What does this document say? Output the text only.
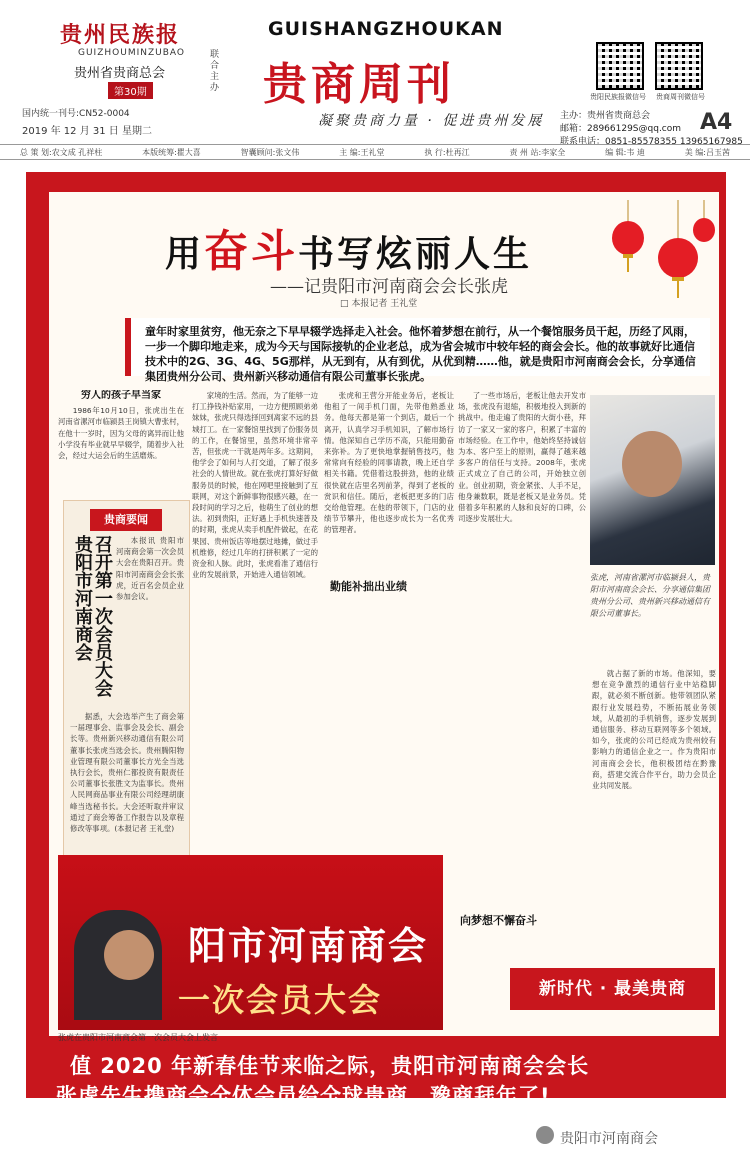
贵州民族报
GUIZHOUMINZUBAO
贵州省贵商总会
第30期
国内统一刊号:CN52-0004
2019 年 12 月 31 日 星期二
联合主办
GUISHANGZHOUKAN
贵商周刊
凝聚贵商力量 · 促进贵州发展
贵阳民族报微信号 贵商周刊微信号
主办：贵州省贵商总会
邮箱：28966129S@qq.com
联系电话：0851-85578355 13965167985
A4
总 策 划:农文成 孔祥柱	本版统筹:瞿大喜	智囊顾问:张文伟	主 编:王礼堂	执 行:杜再江	责 州 站:李家全	编 辑:韦 迪	美 编:吕玉茜
用奋斗书写炫丽人生
——记贵阳市河南商会会长张虎
□ 本报记者 王礼堂
童年时家里贫穷，他无奈之下早早辍学选择走入社会。他怀着梦想在前行，从一个餐馆服务员干起，历经了风雨，一步一个脚印地走来，成为今天与国际接轨的企业老总，成为省会城市中较年轻的商会会长。他的故事就好比通信技术中的2G、3G、4G、5G那样，从无到有，从有到优，从优到精……他，就是贵阳市河南商会会长，分享通信集团贵州分公司、贵州新兴移动通信有限公司董事长张虎。

穷人的孩子早当家

1986年10月10日，张虎出生在河南省漯河市临颍县王岗镇大曹张村，在他十一岁时，因为父母的离异而让他小学没有毕业就早早辍学，随着步入社会，经过大运会后的生活磨炼。

贵商要闻
召开第一次会员大会贵阳市河南商会	本报讯 贵阳市河南商会第一次会员大会在贵阳召开。贵阳市河南商会会长张虎，近百名会员企业参加会议。

据悉，大会选举产生了商会第一届理事会、监事会及会长、副会长等。贵州新兴移动通信有限公司董事长张虎当选会长。贵州腾阳物业管理有限公司董事长方光全当选执行会长，贵州仁都投资有限责任公司董事长张胜文为监事长。贵州人民网商品事业有限公司经理胡康峰当选秘书长。大会还听取并审议通过了商会筹备工作报告以及章程修改等事项。(本报记者 王礼堂)

家境的生活。然而，为了能够一边打工挣钱补贴家用，一边方便照顾弟弟妹妹，张虎只得选择回到离家不远的县城打工。在一家餐馆里找到了份服务员的工作，在餐馆里，虽然环境非常辛苦，但张虎一干就是两年多。这期间，他学会了如何与人打交道，了解了很多社会的人情世故。就在张虎打算好好做服务员的时候，他在网吧里接触到了互联网，对这个新鲜事物很感兴趣，在一段时间的学习之后，他萌生了创业的想法。初到贵阳，正好遇上手机快速普及的时期，张虎从卖手机配件做起，在花果园、贵州饭店等地摆过地摊，做过手机维修，经过几年的打拼积累了一定的资金和人脉。此时，张虎看准了通信行业的发展前景，开始进入通信领域。

张虎和王营分开能业务后，老板让他租了一间手机门面，先带他熟悉业务。他每天都是第一个到店，最后一个离开，认真学习手机知识，了解市场行情。他深知自己学历不高，只能用勤奋来弥补。为了更快地掌握销售技巧，他常常向有经验的同事请教，晚上还自学相关书籍。凭借着这股拼劲，他的业绩很快就在店里名列前茅，得到了老板的赏识和信任。随后，老板把更多的门店交给他管理。在他的带领下，门店的业绩节节攀升，他也逐步成长为一名优秀的管理者。

勤能补拙出业绩

了一些市场后，老板让他去开发市场，张虎没有退缩，积极地投入到新的挑战中。他走遍了贵阳的大街小巷，拜访了一家又一家的客户，积累了丰富的市场经验。在工作中，他始终坚持诚信为本、客户至上的原则，赢得了越来越多客户的信任与支持。2008年，张虎正式成立了自己的公司，开始独立创业。创业初期，资金紧张、人手不足，他身兼数职，既是老板又是业务员。凭借着多年积累的人脉和良好的口碑，公司逐步发展壮大。

向梦想不懈奋斗
张虎，河南省漯河市临颍县人，贵阳市河南商会会长、分享通信集团贵州分公司、贵州新兴移动通信有限公司董事长。

就占据了新的市场。他深知，要想在竞争激烈的通信行业中站稳脚跟，就必须不断创新。他带领团队紧跟行业发展趋势，不断拓展业务领域，从最初的手机销售，逐步发展到通信服务、移动互联网等多个领域。如今，张虎的公司已经成为贵州较有影响力的通信企业之一。作为贵阳市河南商会会长，他积极团结在黔豫商，搭建交流合作平台，助力会员企业共同发展。

阳市河南商会
一次会员大会
张虎在贵阳市河南商会第一次会员大会上发言
新时代 · 最美贵商
值 2020 年新春佳节来临之际，贵阳市河南商会会长
张虎先生携商会全体会员给全球贵商、豫商拜年了!
贵阳市河南商会
